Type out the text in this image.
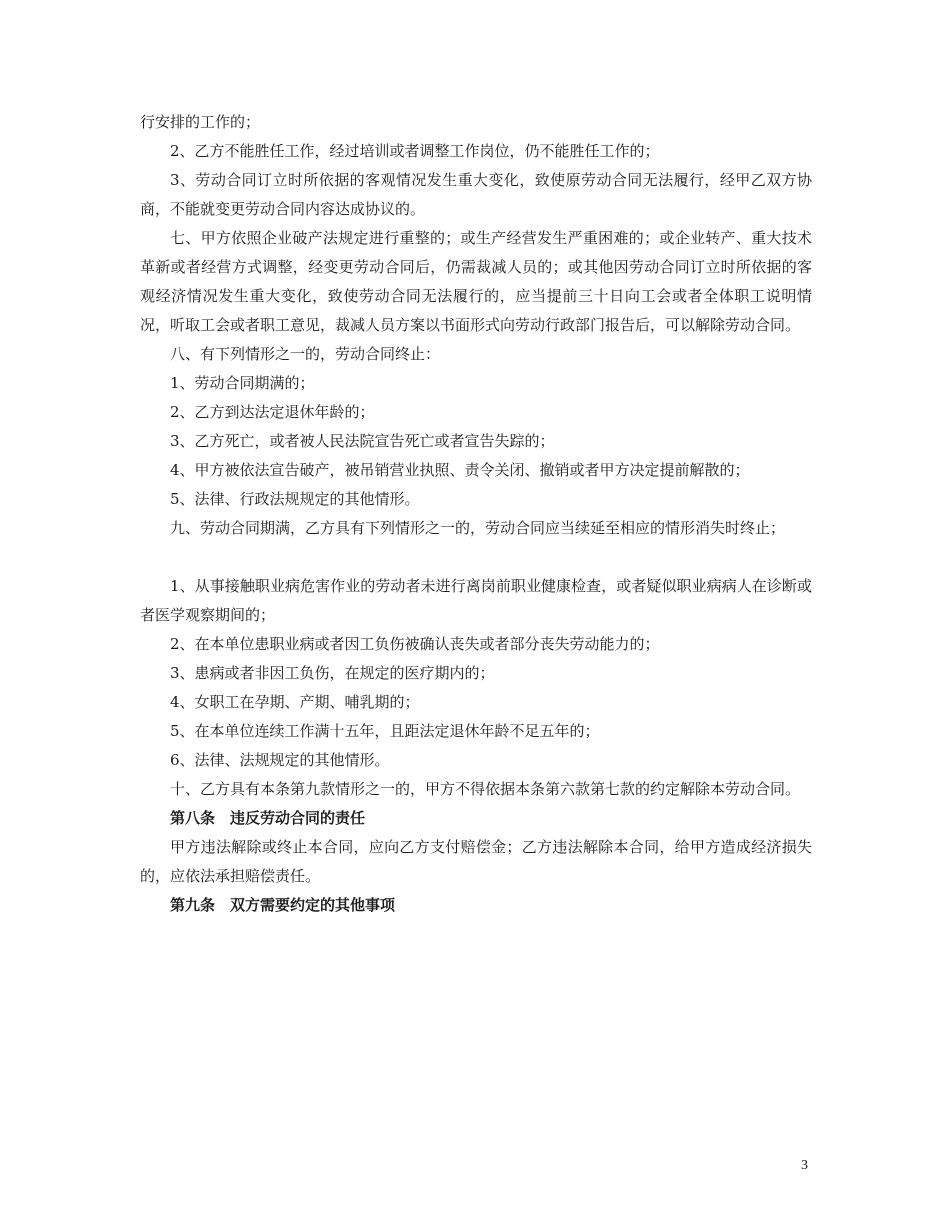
行安排的工作的；

2、乙方不能胜任工作，经过培训或者调整工作岗位，仍不能胜任工作的；

3、劳动合同订立时所依据的客观情况发生重大变化，致使原劳动合同无法履行，经甲乙双方协商，不能就变更劳动合同内容达成协议的。

七、甲方依照企业破产法规定进行重整的；或生产经营发生严重困难的；或企业转产、重大技术革新或者经营方式调整，经变更劳动合同后，仍需裁减人员的；或其他因劳动合同订立时所依据的客观经济情况发生重大变化，致使劳动合同无法履行的，应当提前三十日向工会或者全体职工说明情况，听取工会或者职工意见，裁减人员方案以书面形式向劳动行政部门报告后，可以解除劳动合同。

八、有下列情形之一的，劳动合同终止：

1、劳动合同期满的；

2、乙方到达法定退休年龄的；

3、乙方死亡，或者被人民法院宣告死亡或者宣告失踪的；

4、甲方被依法宣告破产，被吊销营业执照、责令关闭、撤销或者甲方决定提前解散的；

5、法律、行政法规规定的其他情形。

九、劳动合同期满，乙方具有下列情形之一的，劳动合同应当续延至相应的情形消失时终止；

1、从事接触职业病危害作业的劳动者未进行离岗前职业健康检查，或者疑似职业病病人在诊断或者医学观察期间的；

2、在本单位患职业病或者因工负伤被确认丧失或者部分丧失劳动能力的；

3、患病或者非因工负伤，在规定的医疗期内的；

4、女职工在孕期、产期、哺乳期的；

5、在本单位连续工作满十五年，且距法定退休年龄不足五年的；

6、法律、法规规定的其他情形。

十、乙方具有本条第九款情形之一的，甲方不得依据本条第六款第七款的约定解除本劳动合同。

第八条　违反劳动合同的责任

甲方违法解除或终止本合同，应向乙方支付赔偿金；乙方违法解除本合同，给甲方造成经济损失的，应依法承担赔偿责任。

第九条　双方需要约定的其他事项

3
